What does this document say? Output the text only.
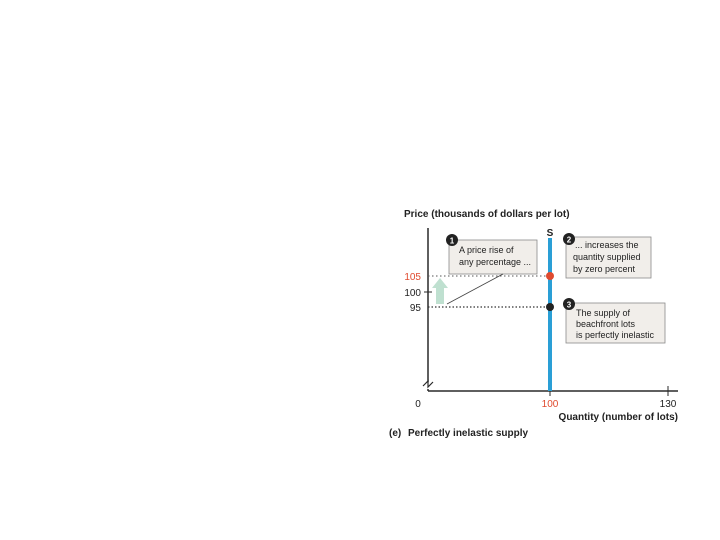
Price (thousands of dollars per lot)
1
A price rise of
any percentage ...
2 ... increases the
quantity supplied
by zero percent
3
The supply of
beachfront lots
is perfectly inelastic
S
105
100
95
0	100	130
Quantity (number of lots)
(e) Perfectly inelastic supply
